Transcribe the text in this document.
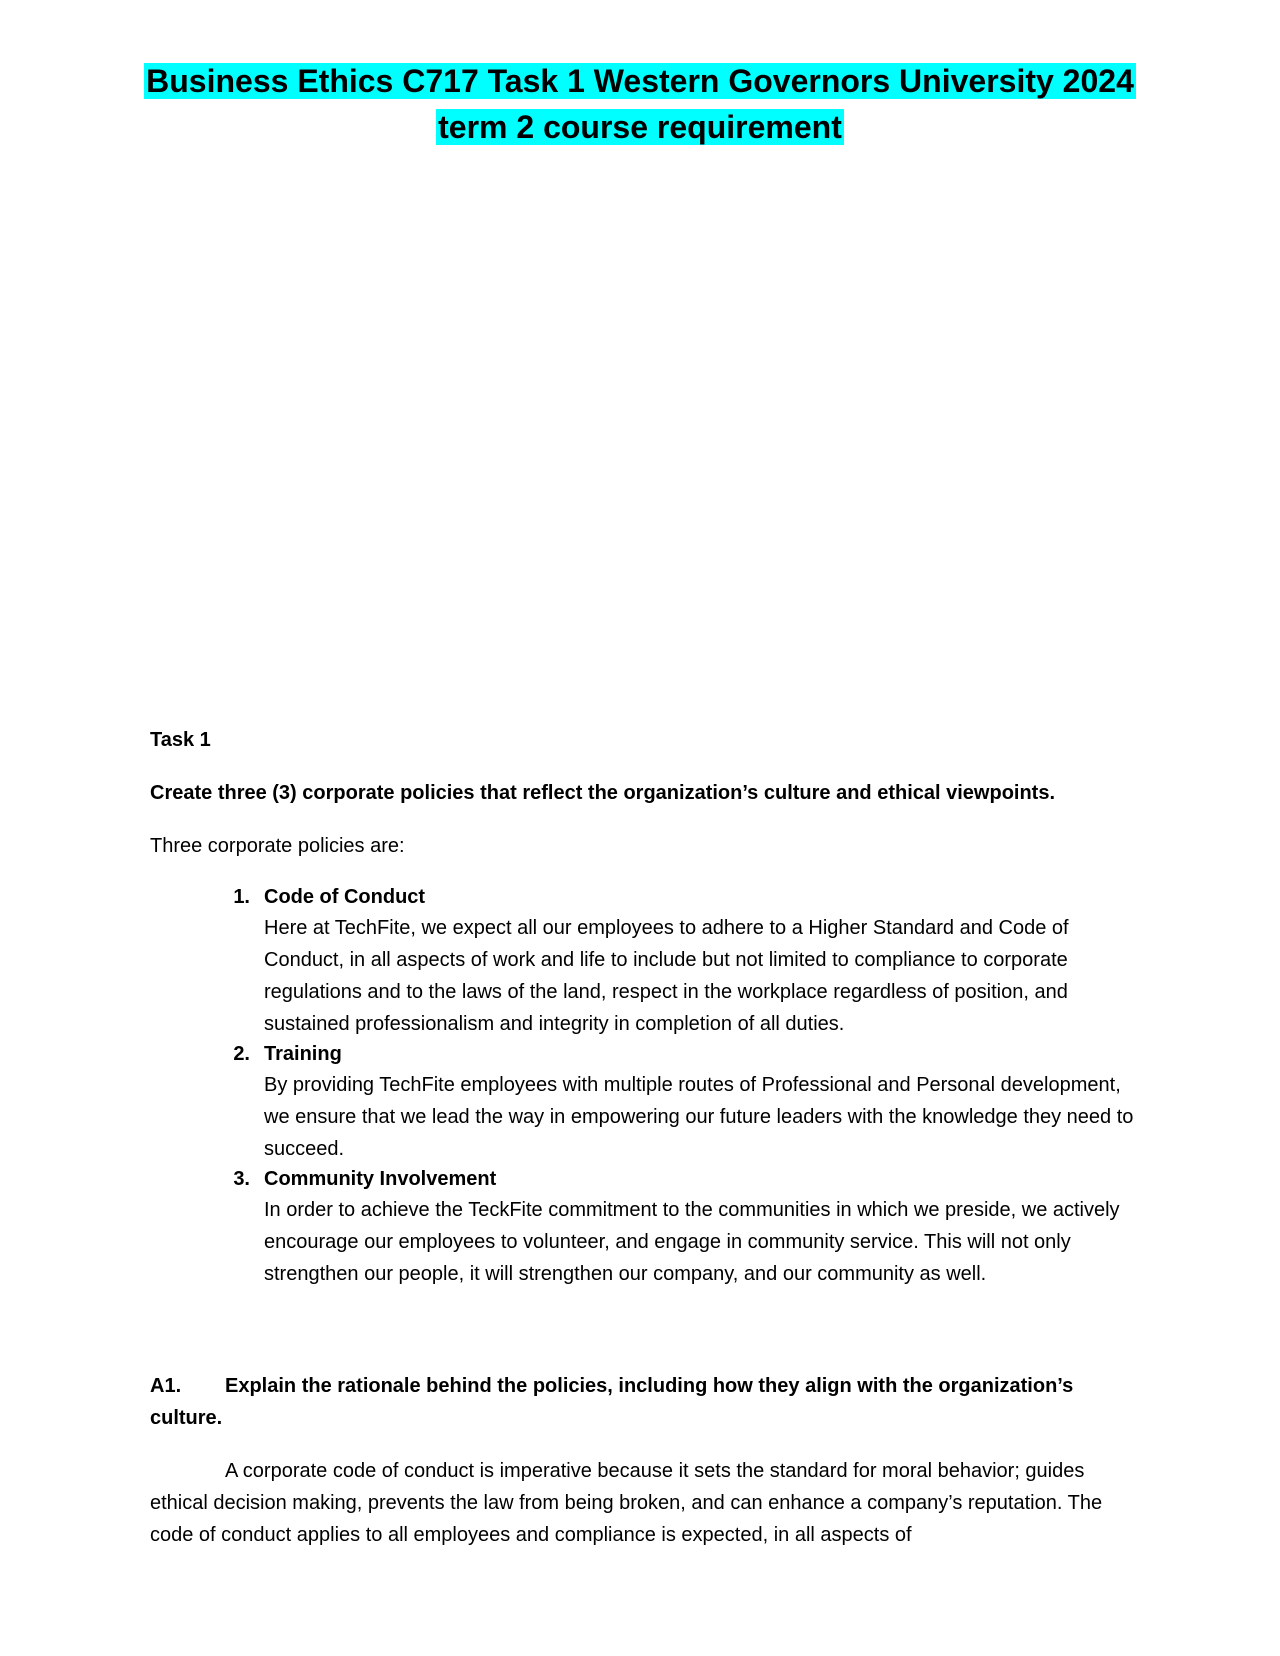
Business Ethics C717 Task 1 Western Governors University 2024
term 2 course requirement

Task 1

Create three (3) corporate policies that reflect the organization’s culture and ethical viewpoints.

Three corporate policies are:

1. Code of Conduct
Here at TechFite, we expect all our employees to adhere to a Higher Standard and Code of Conduct, in all aspects of work and life to include but not limited to compliance to corporate regulations and to the laws of the land, respect in the workplace regardless of position, and sustained professionalism and integrity in completion of all duties.
2. Training
By providing TechFite employees with multiple routes of Professional and Personal development, we ensure that we lead the way in empowering our future leaders with the knowledge they need to succeed.
3. Community Involvement
In order to achieve the TeckFite commitment to the communities in which we preside, we actively encourage our employees to volunteer, and engage in community service. This will not only strengthen our people, it will strengthen our company, and our community as well.

A1. Explain the rationale behind the policies, including how they align with the organization’s culture.

A corporate code of conduct is imperative because it sets the standard for moral behavior; guides ethical decision making, prevents the law from being broken, and can enhance a company’s reputation. The code of conduct applies to all employees and compliance is expected, in all aspects of
